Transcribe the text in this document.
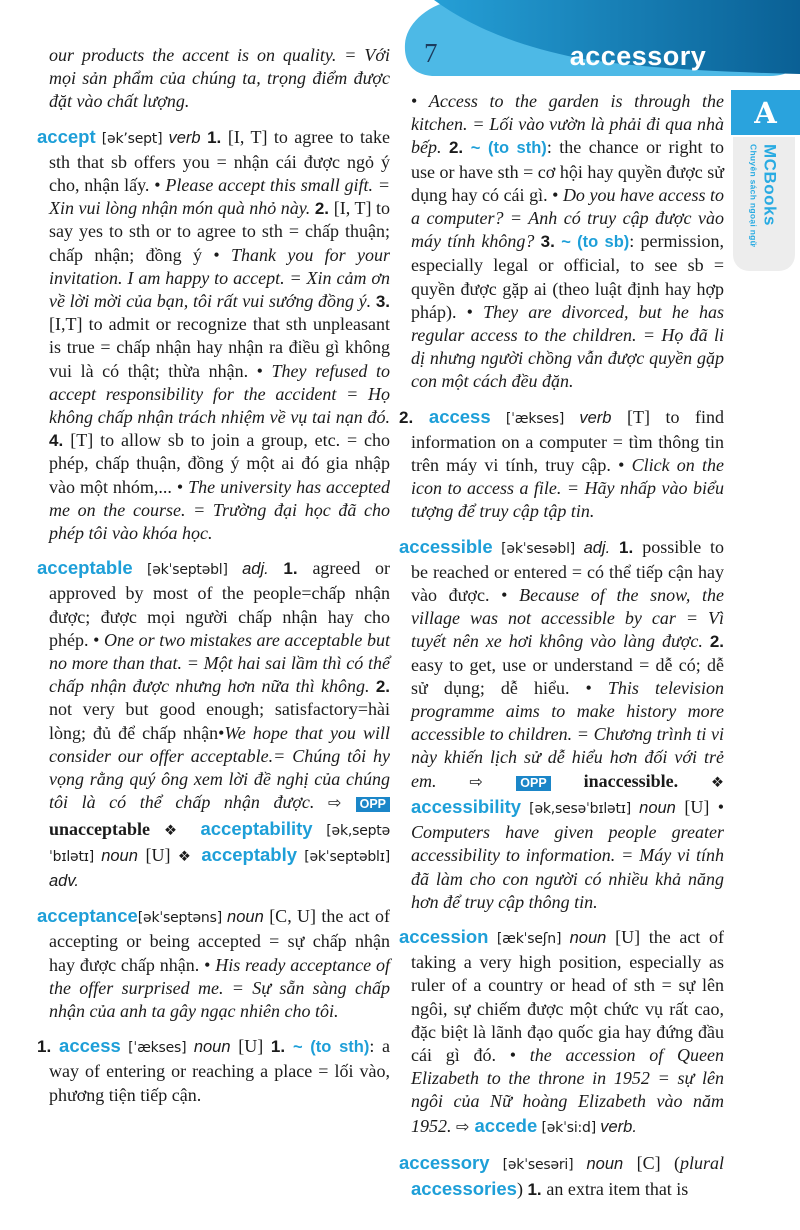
7	accessory
A
Chuyên sách ngoại ngữ MCBooks

our products the accent is on quality. = Với mọi sản phẩm của chúng ta, trọng điểm được đặt vào chất lượng.

accept [ək’sept] verb 1. [I, T] to agree to take sth that sb offers you = nhận cái được ngỏ ý cho, nhận lấy. • Please accept this small gift. = Xin vui lòng nhận món quà nhỏ này. 2. [I, T] to say yes to sth or to agree to sth = chấp thuận; chấp nhận; đồng ý • Thank you for your invitation. I am happy to accept. = Xin cảm ơn về lời mời của bạn, tôi rất vui sướng đồng ý. 3. [I,T] to admit or recognize that sth unpleasant is true = chấp nhận hay nhận ra điều gì không vui là có thật; thừa nhận. • They refused to accept responsibility for the accident = Họ không chấp nhận trách nhiệm về vụ tai nạn đó. 4. [T] to allow sb to join a group, etc. = cho phép, chấp thuận, đồng ý một ai đó gia nhập vào một nhóm,... • The university has accepted me on the course. = Trường đại học đã cho phép tôi vào khóa học.

acceptable [əkˈseptəbl] adj. 1. agreed or approved by most of the people=chấp nhận được; được mọi người chấp nhận hay cho phép. • One or two mistakes are acceptable but no more than that. = Một hai sai lầm thì có thể chấp nhận được nhưng hơn nữa thì không. 2. not very but good enough; satisfactory=hài lòng; đủ để chấp nhận•We hope that you will consider our offer acceptable.= Chúng tôi hy vọng rằng quý ông xem lời đề nghị của chúng tôi là có thể chấp nhận được. ⇨ OPP unacceptable ❖ acceptability [ək,septəˈbɪlətɪ] noun [U] ❖ acceptably [əkˈseptəblɪ] adv.

acceptance[əkˈseptəns] noun [C, U] the act of accepting or being accepted = sự chấp nhận hay được chấp nhận. • His ready acceptance of the offer surprised me. = Sự sẵn sàng chấp nhận của anh ta gây ngạc nhiên cho tôi.

1. access [ˈækses] noun [U] 1. ~ (to sth): a way of entering or reaching a place = lối vào, phương tiện tiếp cận.

• Access to the garden is through the kitchen. = Lối vào vườn là phải đi qua nhà bếp. 2. ~ (to sth): the chance or right to use or have sth = cơ hội hay quyền được sử dụng hay có cái gì. • Do you have access to a computer? = Anh có truy cập được vào máy tính không? 3. ~ (to sb): permission, especially legal or official, to see sb = quyền được gặp ai (theo luật định hay hợp pháp). • They are divorced, but he has regular access to the children. = Họ đã li dị nhưng người chồng vẫn được quyền gặp con một cách đều đặn.

2. access [ˈækses] verb [T] to find information on a computer = tìm thông tin trên máy vi tính, truy cập. • Click on the icon to access a file. = Hãy nhấp vào biểu tượng để truy cập tập tin.

accessible [əkˈsesəbl] adj. 1. possible to be reached or entered = có thể tiếp cận hay vào được. • Because of the snow, the village was not accessible by car = Vì tuyết nên xe hơi không vào làng được. 2. easy to get, use or understand = dễ có; dễ sử dụng; dễ hiểu. • This television programme aims to make history more accessible to children. = Chương trình ti vi này khiến lịch sử dễ hiểu hơn đối với trẻ em. ⇨ OPP inaccessible. ❖ accessibility [ək,sesəˈbɪlətɪ] noun [U] • Computers have given people greater accessibility to information. = Máy vi tính đã làm cho con người có nhiều khả năng hơn để truy cập thông tin.

accession [ækˈseʃn] noun [U] the act of taking a very high position, especially as ruler of a country or head of sth = sự lên ngôi, sự chiếm được một chức vụ rất cao, đặc biệt là lãnh đạo quốc gia hay đứng đầu cái gì đó. • the accession of Queen Elizabeth to the throne in 1952 = sự lên ngôi của Nữ hoàng Elizabeth vào năm 1952. ⇨ accede [əkˈsi:d] verb.

accessory [əkˈsesəri] noun [C] (plural accessories) 1. an extra item that is
